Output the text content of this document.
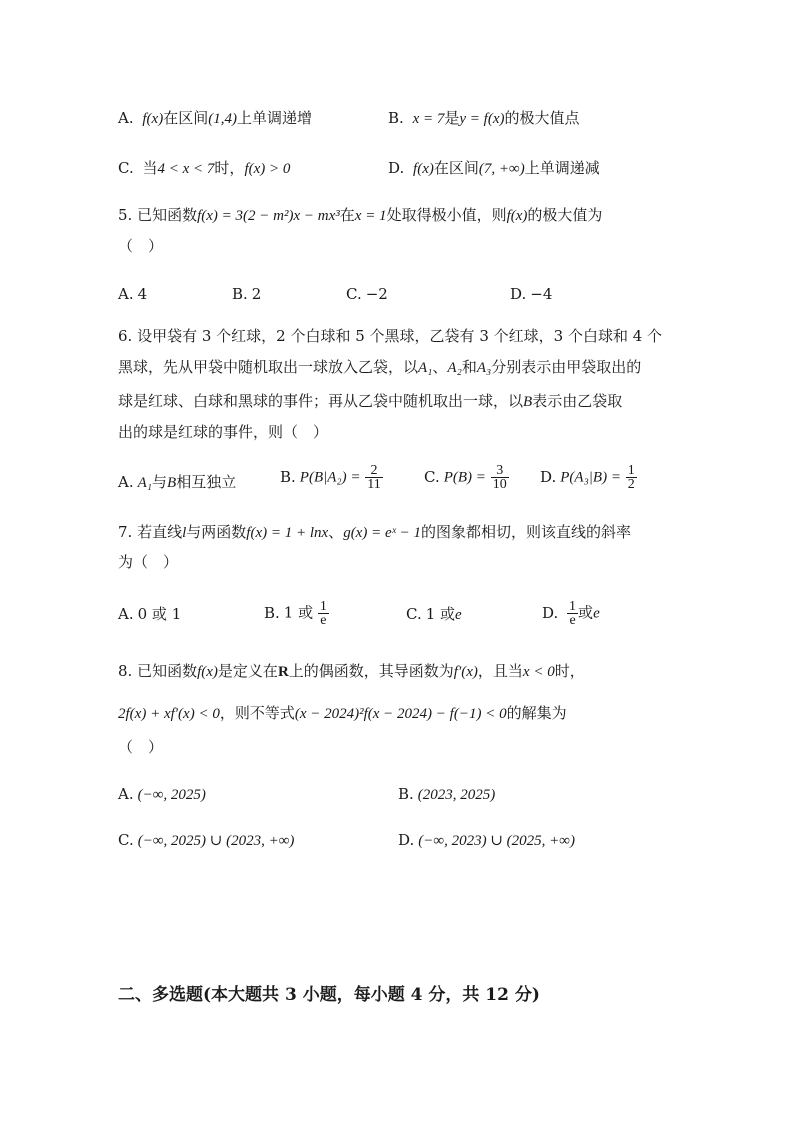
A. f(x)在区间(1,4)上单调递增	B. x = 7是y = f(x)的极大值点
C. 当4 < x < 7时，f(x) > 0	D. f(x)在区间(7, +∞)上单调递减
5. 已知函数f(x) = 3(2 − m²)x − mx³在x = 1处取得极小值，则f(x)的极大值为
（　）
A. 4	B. 2	C. −2	D. −4
6. 设甲袋有 3 个红球，2 个白球和 5 个黑球，乙袋有 3 个红球，3 个白球和 4 个
黑球，先从甲袋中随机取出一球放入乙袋，以A₁、A₂和A₃分别表示由甲袋取出的
球是红球、白球和黑球的事件；再从乙袋中随机取出一球，以B表示由乙袋取
出的球是红球的事件，则（　）
A. A₁与B相互独立	B. $P(B|A_2) = \frac{2}{11}$	C. $P(B) = \frac{3}{10} D$. $P(A_3|B) = \frac{1}{2}$
7. 若直线l与两函数f(x) = 1 + lnx、g(x) = eˣ − 1的图象都相切，则该直线的斜率
为（　）
A. 0 或 1	B. 1 或 $\frac{1}{e}$	C. 1 或e	D. $\frac{1}{e}$ 或e
8. 已知函数f(x)是定义在R上的偶函数，其导函数为f′(x)，且当x < 0时，
2f(x) + xf′(x) < 0，则不等式(x − 2024)²f(x − 2024) − f(−1) < 0的解集为
（　）
A. (−∞, 2025)	B. (2023, 2025)
C. (−∞, 2025) ∪ (2023, +∞)	D. (−∞, 2023) ∪ (2025, +∞)
二、多选题(本大题共 3 小题，每小题 4 分，共 12 分)
